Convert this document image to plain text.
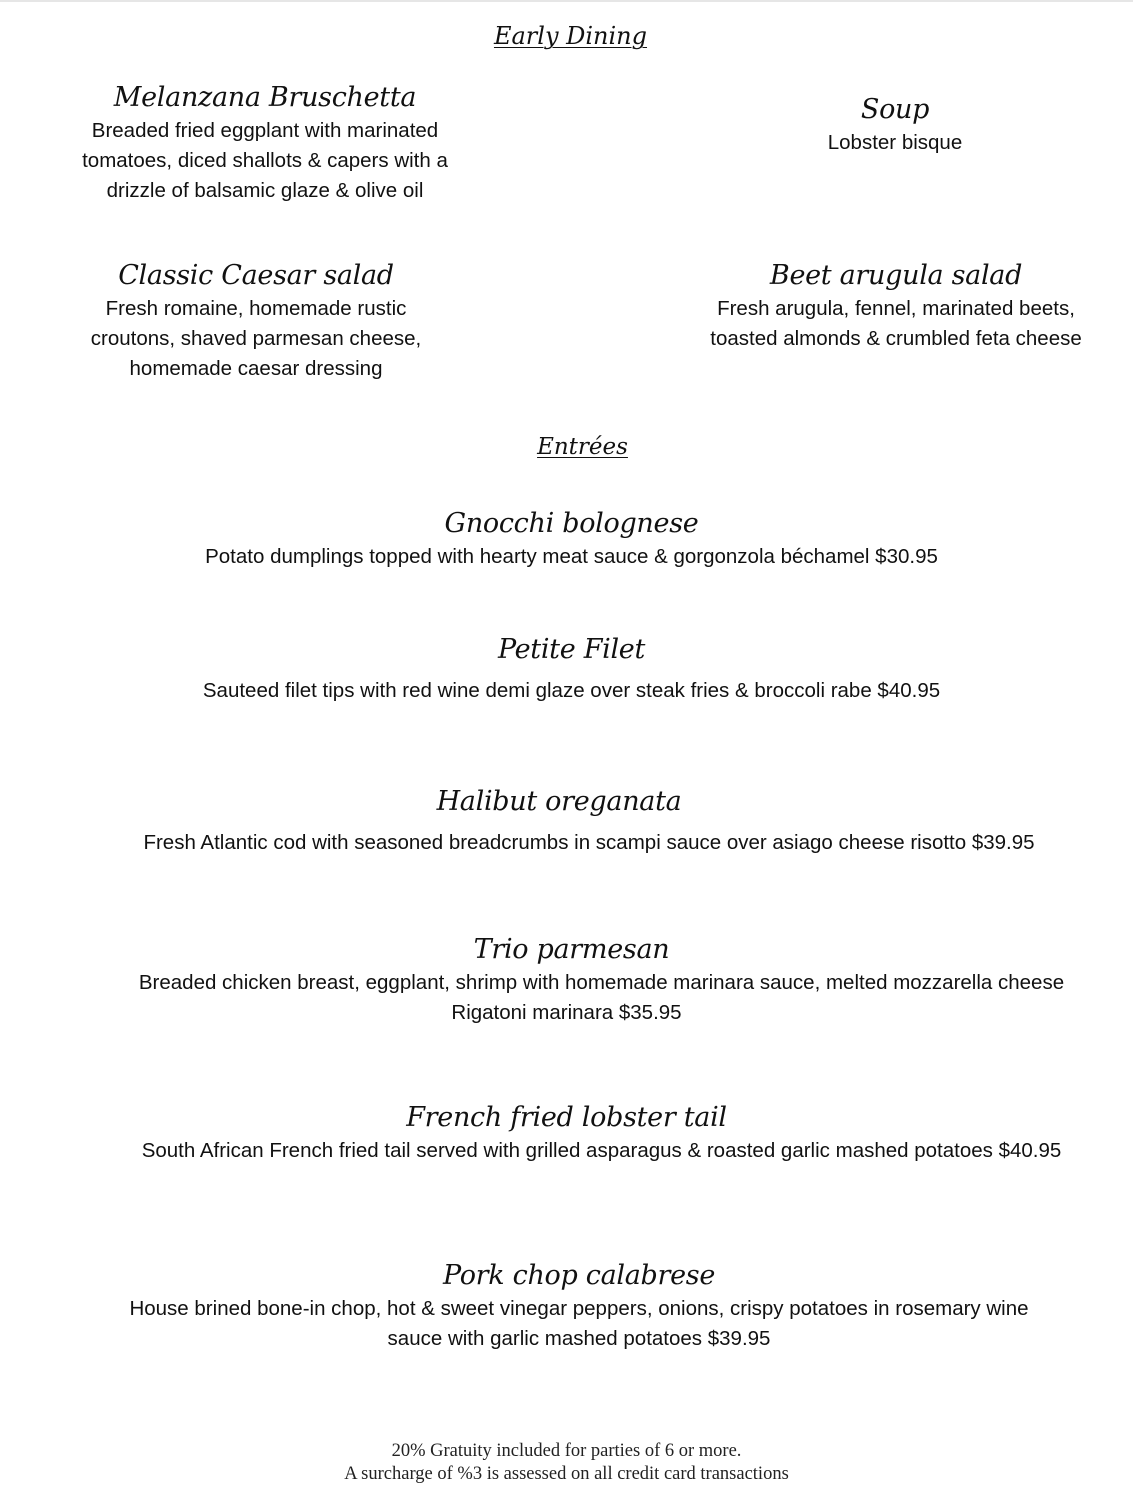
Early Dining
Melanzana Bruschetta
Breaded fried eggplant with marinated
tomatoes, diced shallots & capers with a
drizzle of balsamic glaze & olive oil
Soup
Lobster bisque
Classic Caesar salad
Fresh romaine, homemade rustic
croutons, shaved parmesan cheese,
homemade caesar dressing
Beet arugula salad
Fresh arugula, fennel, marinated beets,
toasted almonds & crumbled feta cheese
Entrées
Gnocchi bolognese
Potato dumplings topped with hearty meat sauce & gorgonzola béchamel $30.95
Petite Filet
Sauteed filet tips with red wine demi glaze over steak fries & broccoli rabe $40.95
Halibut oreganata
Fresh Atlantic cod with seasoned breadcrumbs in scampi sauce over asiago cheese risotto $39.95
Trio parmesan
Breaded chicken breast, eggplant, shrimp with homemade marinara sauce, melted mozzarella cheese
Rigatoni marinara $35.95
French fried lobster tail
South African French fried tail served with grilled asparagus & roasted garlic mashed potatoes $40.95
Pork chop calabrese
House brined bone-in chop, hot & sweet vinegar peppers, onions, crispy potatoes in rosemary wine
sauce with garlic mashed potatoes $39.95
20% Gratuity included for parties of 6 or more.
A surcharge of %3 is assessed on all credit card transactions
